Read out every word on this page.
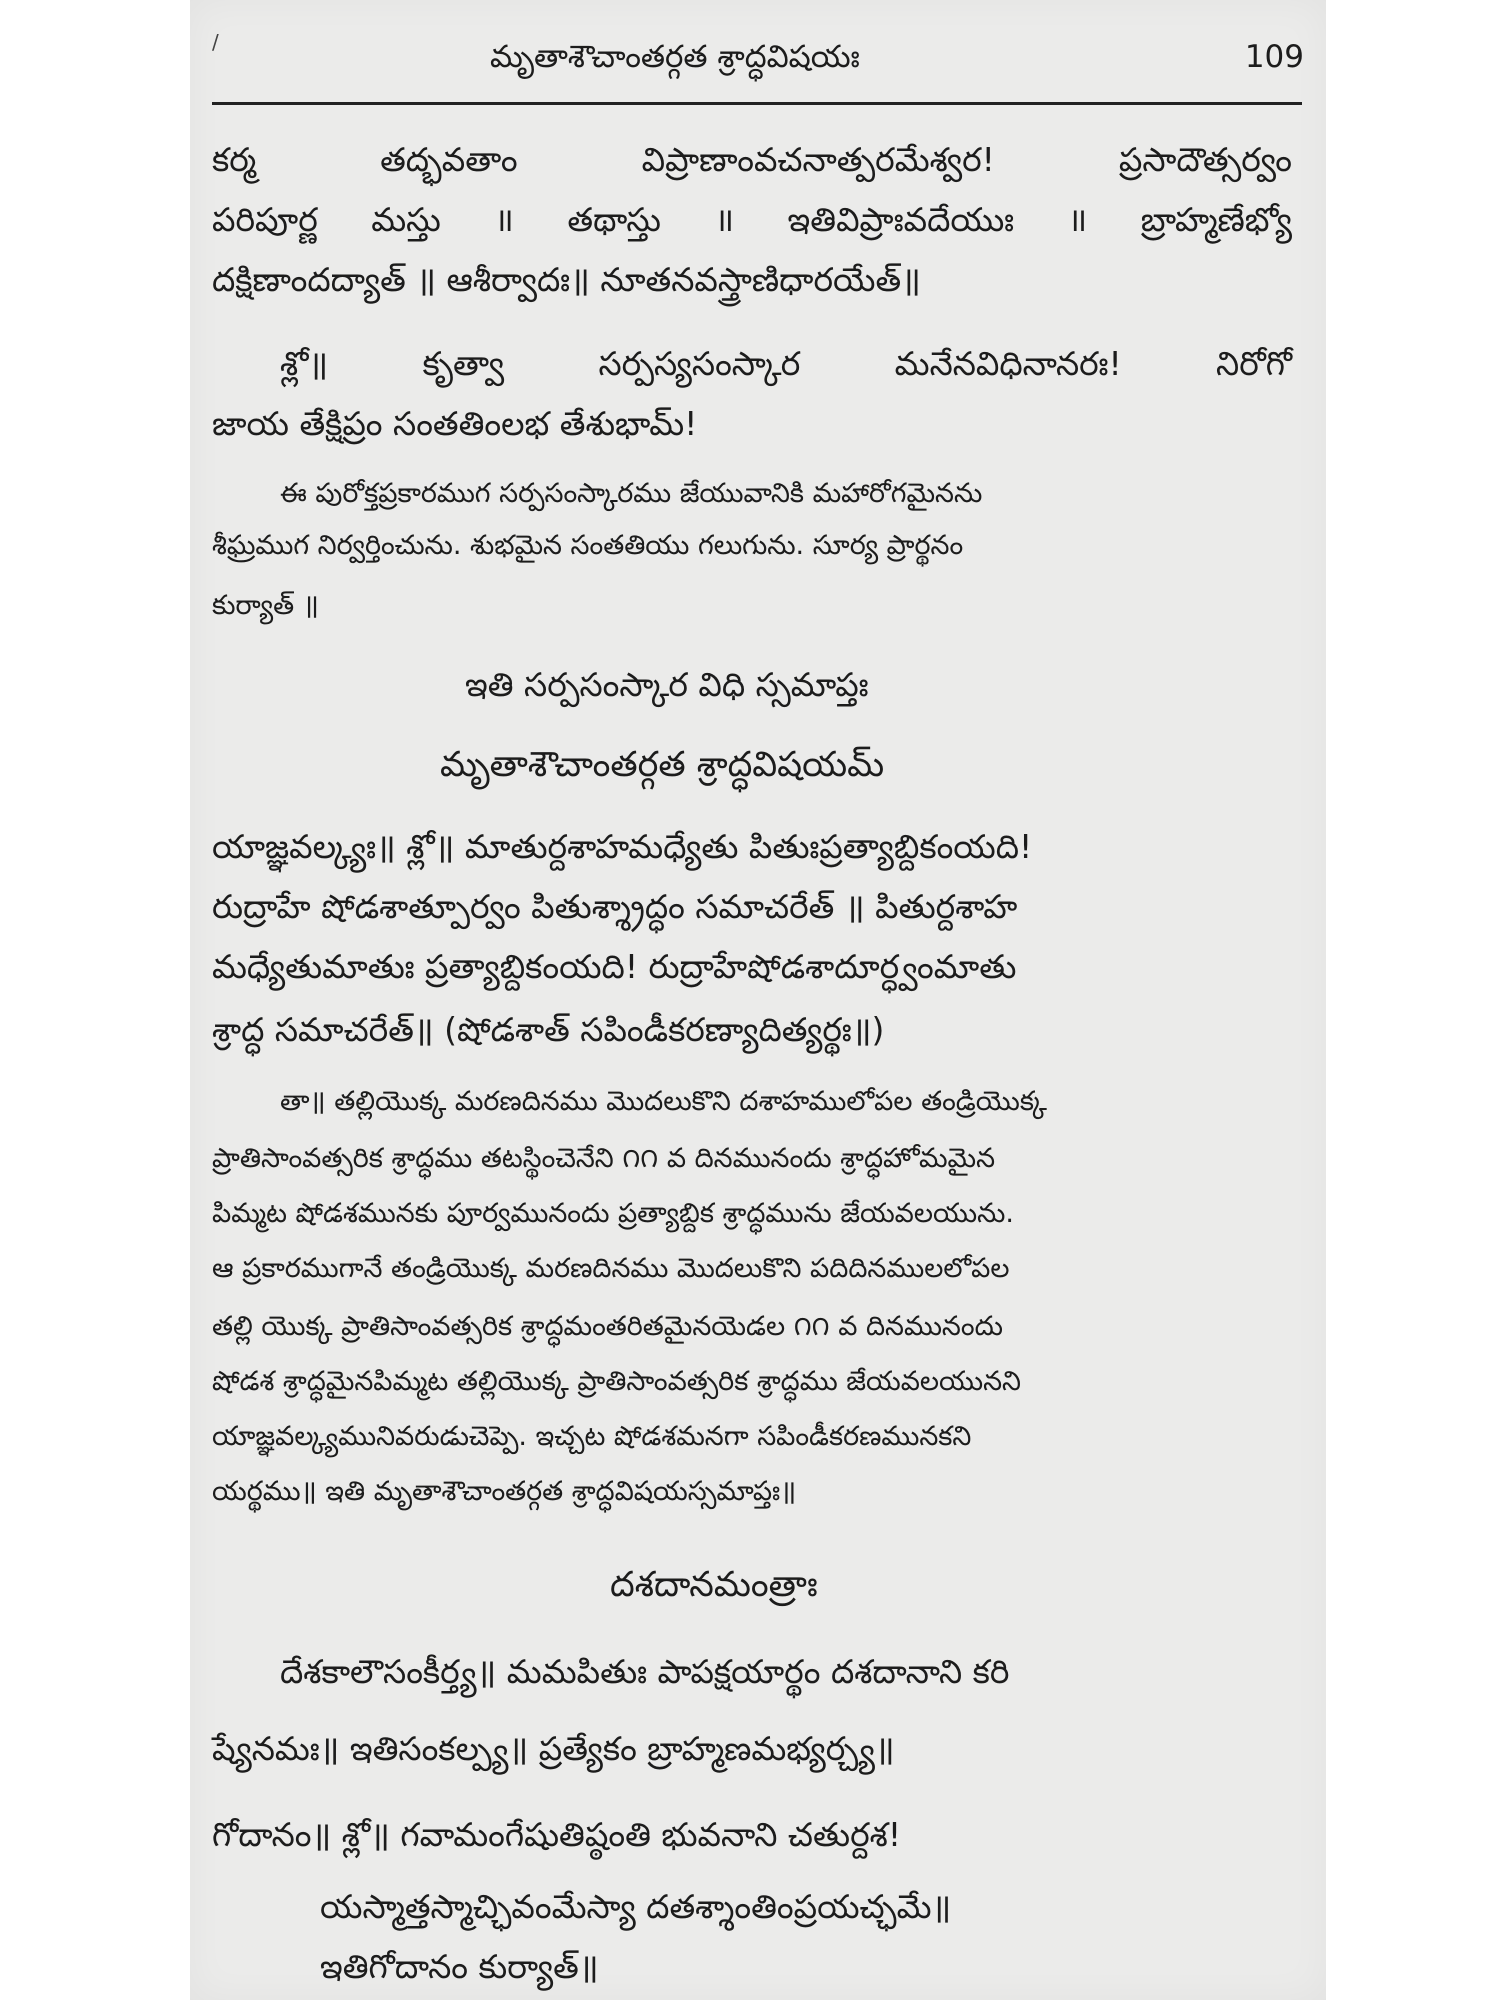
మృతాశౌచాంతర్గత శ్రాద్ధవిషయః	109
/
కర్మ	తద్భవతాం	విప్రాణాంవచనాత్పరమేశ్వర!	ప్రసాదౌత్సర్వం
పరిపూర్ణ మస్తు ॥ తథాస్తు ॥ ఇతివిప్రాఃవదేయుః ॥ బ్రాహ్మణేభ్యో
దక్షిణాందద్యాత్ ॥ ఆశీర్వాదః॥ నూతనవస్త్రాణిధారయేత్॥
శ్లో॥	కృత్వా	సర్పస్యసంస్కార	మనేనవిధినానరః!	నిరోగో
జాయ తేక్షిప్రం సంతతింలభ తేశుభామ్!
ఈ పురోక్తప్రకారముగ సర్పసంస్కారము జేయువానికి మహారోగమైనను
శీఘ్రముగ నిర్వర్తించును. శుభమైన సంతతియు గలుగును. సూర్య ప్రార్థనం
కుర్యాత్ ॥
ఇతి సర్పసంస్కార విధి స్సమాప్తః
మృతాశౌచాంతర్గత శ్రాద్ధవిషయమ్
యాజ్ఞవల్క్యః॥ శ్లో॥ మాతుర్దశాహమధ్యేతు పితుఃప్రత్యాబ్దికంయది!
రుద్రాహే షోడశాత్పూర్వం పితుశ్శ్రాద్ధం సమాచరేత్ ॥ పితుర్దశాహ
మధ్యేతుమాతుః ప్రత్యాబ్దికంయది! రుద్రాహేషోడశాదూర్ధ్వంమాతు
శ్రాద్ధ సమాచరేత్॥ (షోడశాత్ సపిండీకరణ్యాదిత్యర్థః॥)
తా॥ తల్లియొక్క మరణదినము మొదలుకొని దశాహములోపల తండ్రియొక్క
ప్రాతిసాంవత్సరిక శ్రాద్ధము తటస్థించెనేని ౧౧ వ దినమునందు శ్రాద్ధహోమమైన
పిమ్మట షోడశమునకు పూర్వమునందు ప్రత్యాబ్దిక శ్రాద్ధమును జేయవలయును.
ఆ ప్రకారముగానే తండ్రియొక్క మరణదినము మొదలుకొని పదిదినములలోపల
తల్లి యొక్క ప్రాతిసాంవత్సరిక శ్రాద్ధమంతరితమైనయెడల ౧౧ వ దినమునందు
షోడశ శ్రాద్ధమైనపిమ్మట తల్లియొక్క ప్రాతిసాంవత్సరిక శ్రాద్ధము జేయవలయునని
యాజ్ఞవల్క్యమునివరుడుచెప్పె. ఇచ్చట షోడశమనగా సపిండీకరణమునకని
యర్థము॥ ఇతి మృతాశౌచాంతర్గత శ్రాద్ధవిషయస్సమాప్తః॥
దశదానమంత్రాః
దేశకాలౌసంకీర్త్య॥ మమపితుః పాపక్షయార్థం దశదానాని కరి
ష్యేనమః॥ ఇతిసంకల్ప్య॥ ప్రత్యేకం బ్రాహ్మణమభ్యర్చ్య॥
గోదానం॥ శ్లో॥ గవామంగేషుతిష్ఠంతి భువనాని చతుర్దశ!
యస్మాత్తస్మాచ్ఛివంమేస్యా దతశ్శాంతింప్రయచ్ఛమే॥
ఇతిగోదానం కుర్యాత్॥
